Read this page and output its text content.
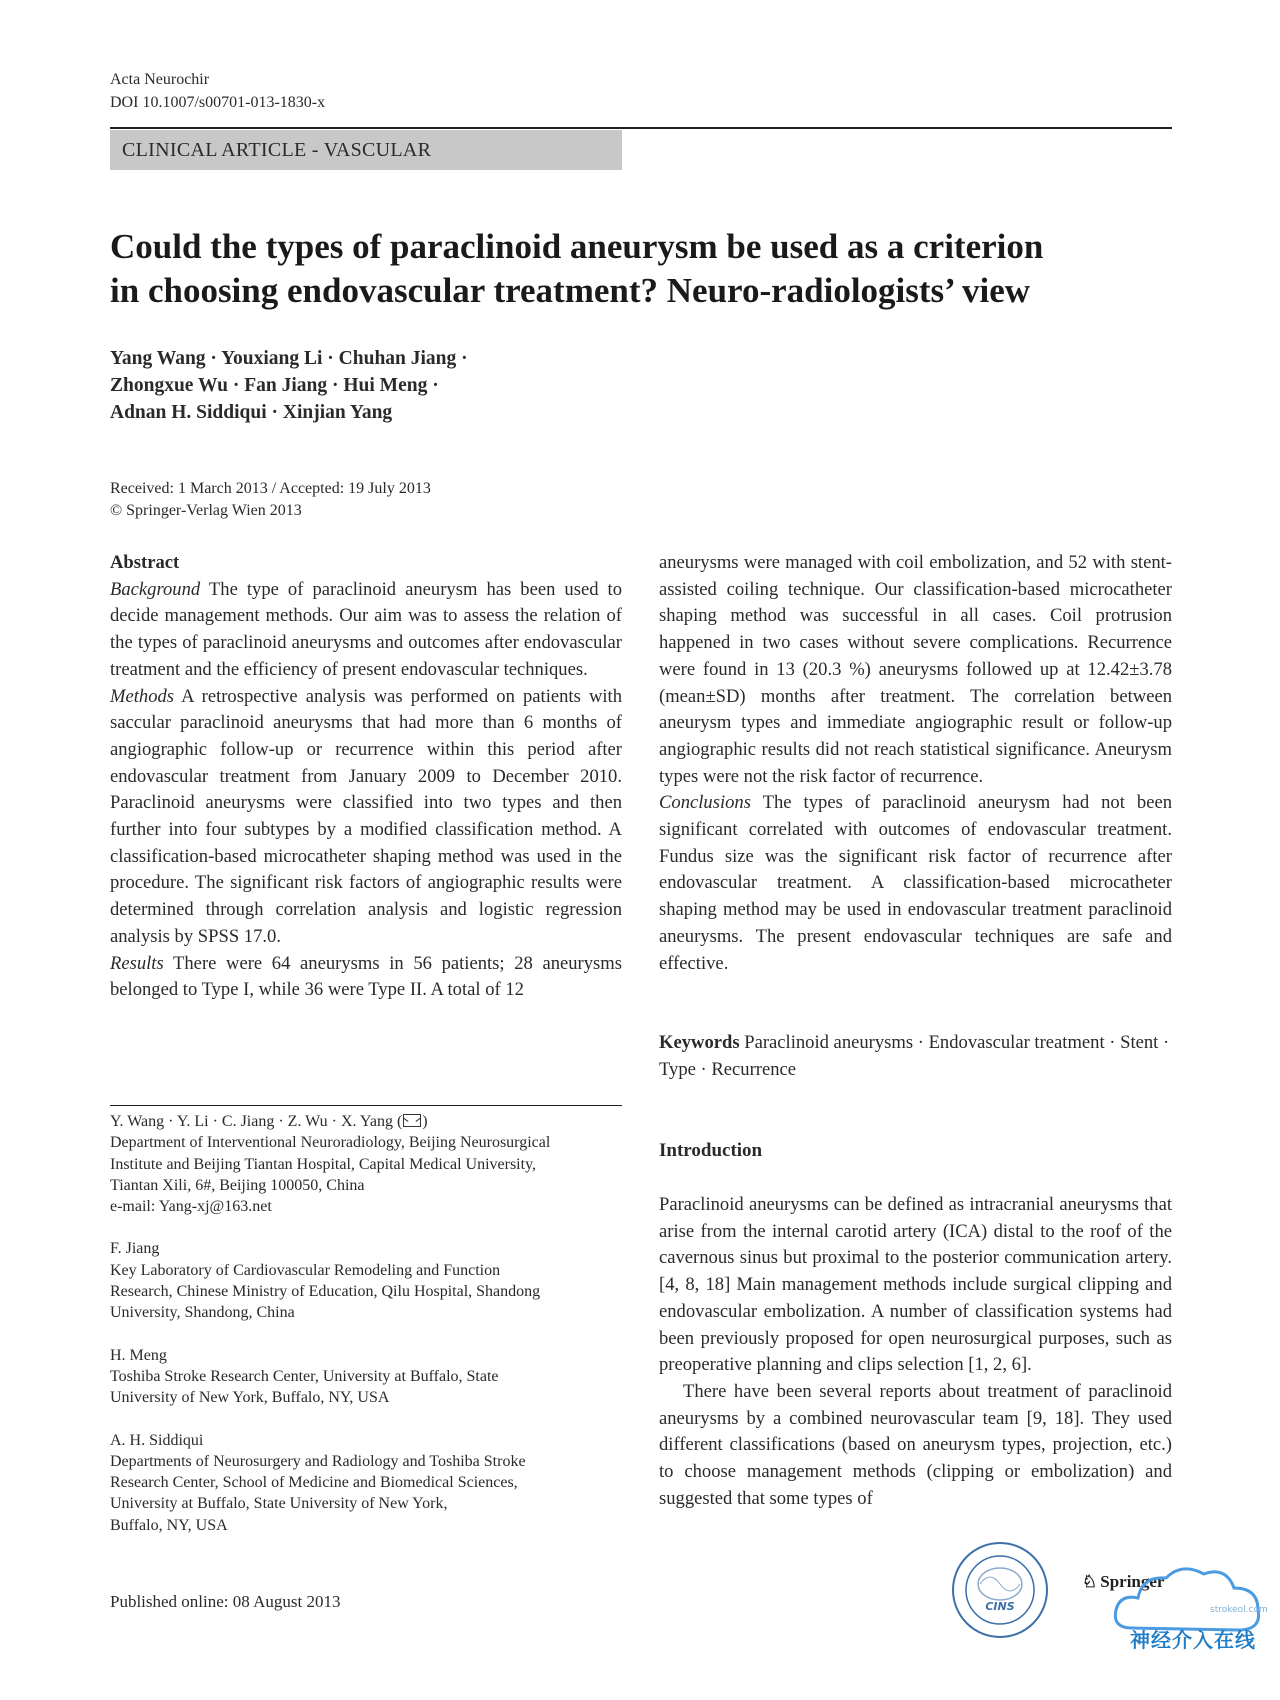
Acta Neurochir
DOI 10.1007/s00701-013-1830-x
CLINICAL ARTICLE - VASCULAR
Could the types of paraclinoid aneurysm be used as a criterion
in choosing endovascular treatment? Neuro-radiologists’ view
Yang Wang · Youxiang Li · Chuhan Jiang ·
Zhongxue Wu · Fan Jiang · Hui Meng ·
Adnan H. Siddiqui · Xinjian Yang
Received: 1 March 2013 / Accepted: 19 July 2013
© Springer-Verlag Wien 2013
Abstract

Background The type of paraclinoid aneurysm has been used to decide management methods. Our aim was to assess the relation of the types of paraclinoid aneurysms and outcomes after endovascular treatment and the efficiency of present endovascular techniques.

Methods A retrospective analysis was performed on patients with saccular paraclinoid aneurysms that had more than 6 months of angiographic follow-up or recurrence within this period after endovascular treatment from January 2009 to December 2010. Paraclinoid aneurysms were classified into two types and then further into four subtypes by a modified classification method. A classification-based microcatheter shaping method was used in the procedure. The significant risk factors of angiographic results were determined through correlation analysis and logistic regression analysis by SPSS 17.0.

Results There were 64 aneurysms in 56 patients; 28 aneurysms belonged to Type I, while 36 were Type II. A total of 12

aneurysms were managed with coil embolization, and 52 with stent-assisted coiling technique. Our classification-based microcatheter shaping method was successful in all cases. Coil protrusion happened in two cases without severe complications. Recurrence were found in 13 (20.3 %) aneurysms followed up at 12.42±3.78 (mean±SD) months after treatment. The correlation between aneurysm types and immediate angiographic result or follow-up angiographic results did not reach statistical significance. Aneurysm types were not the risk factor of recurrence.

Conclusions The types of paraclinoid aneurysm had not been significant correlated with outcomes of endovascular treatment. Fundus size was the significant risk factor of recurrence after endovascular treatment. A classification-based microcatheter shaping method may be used in endovascular treatment paraclinoid aneurysms. The present endovascular techniques are safe and effective.

Keywords Paraclinoid aneurysms · Endovascular treatment · Stent · Type · Recurrence
Y. Wang · Y. Li · C. Jiang · Z. Wu · X. Yang ( )
Department of Interventional Neuroradiology, Beijing Neurosurgical
Institute and Beijing Tiantan Hospital, Capital Medical University,
Tiantan Xili, 6#, Beijing 100050, China
e-mail: Yang-xj@163.net
F. Jiang
Key Laboratory of Cardiovascular Remodeling and Function
Research, Chinese Ministry of Education, Qilu Hospital, Shandong
University, Shandong, China
H. Meng
Toshiba Stroke Research Center, University at Buffalo, State
University of New York, Buffalo, NY, USA
A. H. Siddiqui
Departments of Neurosurgery and Radiology and Toshiba Stroke
Research Center, School of Medicine and Biomedical Sciences,
University at Buffalo, State University of New York,
Buffalo, NY, USA
Introduction

Paraclinoid aneurysms can be defined as intracranial aneurysms that arise from the internal carotid artery (ICA) distal to the roof of the cavernous sinus but proximal to the posterior communication artery. [4, 8, 18] Main management methods include surgical clipping and endovascular embolization. A number of classification systems had been previously proposed for open neurosurgical purposes, such as preoperative planning and clips selection [1, 2, 6].

There have been several reports about treatment of paraclinoid aneurysms by a combined neurovascular team [9, 18]. They used different classifications (based on aneurysm types, projection, etc.) to choose management methods (clipping or embolization) and suggested that some types of

Published online: 08 August 2013	CINS
♘ Springer
strokeol.com
神经介入在线
